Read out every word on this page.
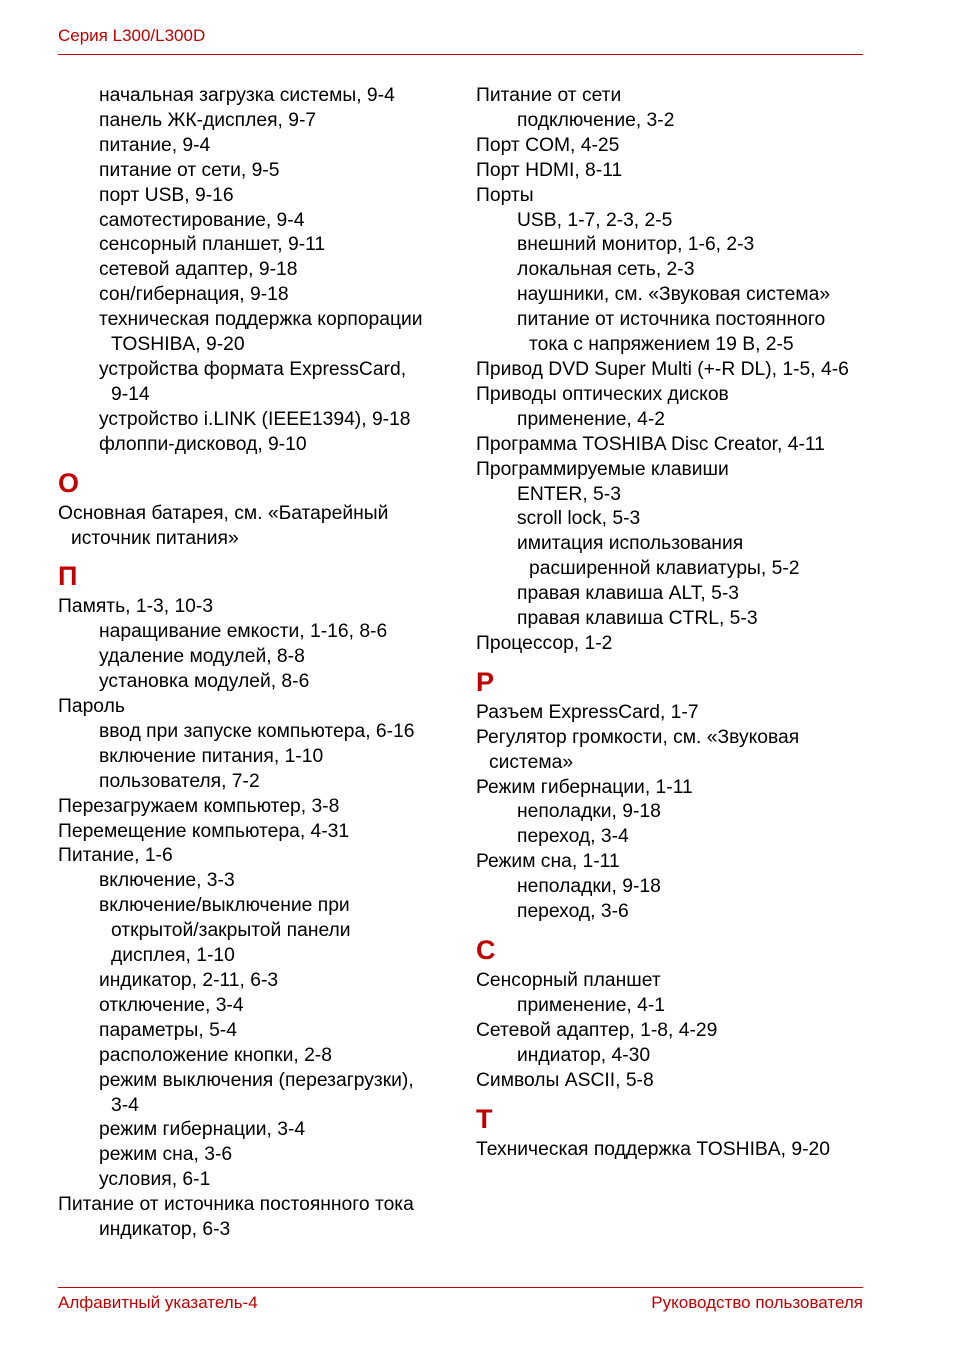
Серия L300/L300D
начальная загрузка системы, 9-4
панель ЖК-дисплея, 9-7
питание, 9-4
питание от сети, 9-5
порт USB, 9-16
самотестирование, 9-4
сенсорный планшет, 9-11
сетевой адаптер, 9-18
сон/гибернация, 9-18
техническая поддержка корпорации
TOSHIBA, 9-20
устройства формата ExpressCard,
9-14
устройство i.LINK (IEEE1394), 9-18
флоппи-дисковод, 9-10
О
Основная батарея, см. «Батарейный
источник питания»
П
Память, 1-3, 10-3
наращивание емкости, 1-16, 8-6
удаление модулей, 8-8
установка модулей, 8-6
Пароль
ввод при запуске компьютера, 6-16
включение питания, 1-10
пользователя, 7-2
Перезагружаем компьютер, 3-8
Перемещение компьютера, 4-31
Питание, 1-6
включение, 3-3
включение/выключение при
открытой/закрытой панели
дисплея, 1-10
индикатор, 2-11, 6-3
отключение, 3-4
параметры, 5-4
расположение кнопки, 2-8
режим выключения (перезагрузки),
3-4
режим гибернации, 3-4
режим сна, 3-6
условия, 6-1
Питание от источника постоянного тока
индикатор, 6-3
Питание от сети
подключение, 3-2
Порт COM, 4-25
Порт HDMI, 8-11
Порты
USB, 1-7, 2-3, 2-5
внешний монитор, 1-6, 2-3
локальная сеть, 2-3
наушники, см. «Звуковая система»
питание от источника постоянного
тока с напряжением 19 В, 2-5
Привод DVD Super Multi (+-R DL), 1-5, 4-6
Приводы оптических дисков
применение, 4-2
Программа TOSHIBA Disc Creator, 4-11
Программируемые клавиши
ENTER, 5-3
scroll lock, 5-3
имитация использования
расширенной клавиатуры, 5-2
правая клавиша ALT, 5-3
правая клавиша CTRL, 5-3
Процессор, 1-2
Р
Разъем ExpressCard, 1-7
Регулятор громкости, см. «Звуковая
система»
Режим гибернации, 1-11
неполадки, 9-18
переход, 3-4
Режим сна, 1-11
неполадки, 9-18
переход, 3-6
С
Сенсорный планшет
применение, 4-1
Сетевой адаптер, 1-8, 4-29
индиатор, 4-30
Символы ASCII, 5-8
Т
Техническая поддержка TOSHIBA, 9-20
Алфавитный указатель-4	Руководство пользователя
